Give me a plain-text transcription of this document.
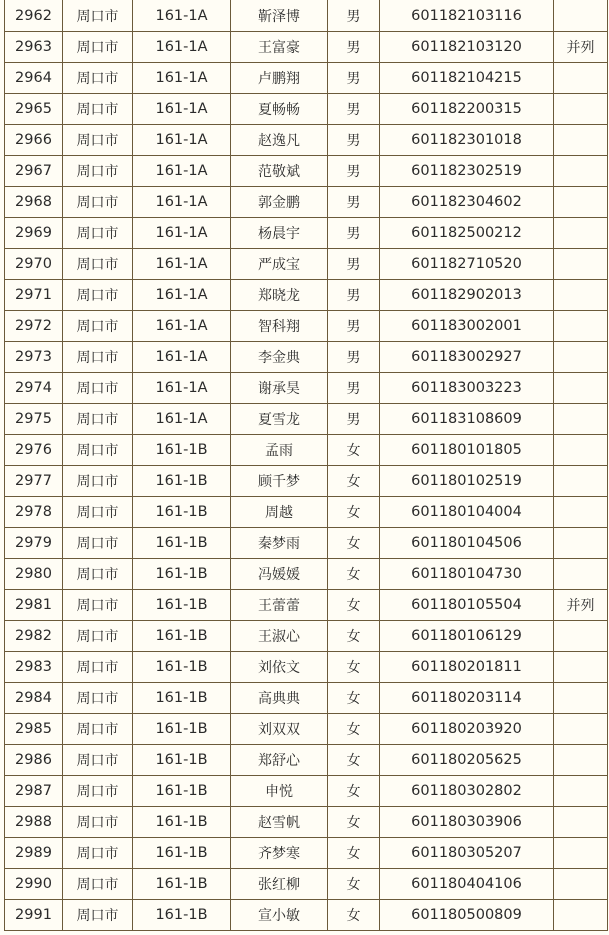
2962	周口市	161-1A	靳泽博	男	601182103116	
2963	周口市	161-1A	王富豪	男	601182103120	并列
2964	周口市	161-1A	卢鹏翔	男	601182104215	
2965	周口市	161-1A	夏畅畅	男	601182200315	
2966	周口市	161-1A	赵逸凡	男	601182301018	
2967	周口市	161-1A	范敬斌	男	601182302519	
2968	周口市	161-1A	郭金鹏	男	601182304602	
2969	周口市	161-1A	杨晨宇	男	601182500212	
2970	周口市	161-1A	严成宝	男	601182710520	
2971	周口市	161-1A	郑晓龙	男	601182902013	
2972	周口市	161-1A	智科翔	男	601183002001	
2973	周口市	161-1A	李金典	男	601183002927	
2974	周口市	161-1A	谢承昊	男	601183003223	
2975	周口市	161-1A	夏雪龙	男	601183108609	
2976	周口市	161-1B	孟雨	女	601180101805	
2977	周口市	161-1B	顾千梦	女	601180102519	
2978	周口市	161-1B	周越	女	601180104004	
2979	周口市	161-1B	秦梦雨	女	601180104506	
2980	周口市	161-1B	冯媛媛	女	601180104730	
2981	周口市	161-1B	王蕾蕾	女	601180105504	并列
2982	周口市	161-1B	王淑心	女	601180106129	
2983	周口市	161-1B	刘依文	女	601180201811	
2984	周口市	161-1B	高典典	女	601180203114	
2985	周口市	161-1B	刘双双	女	601180203920	
2986	周口市	161-1B	郑舒心	女	601180205625	
2987	周口市	161-1B	申悦	女	601180302802	
2988	周口市	161-1B	赵雪帆	女	601180303906	
2989	周口市	161-1B	齐梦寒	女	601180305207	
2990	周口市	161-1B	张红柳	女	601180404106	
2991	周口市	161-1B	宣小敏	女	601180500809	
